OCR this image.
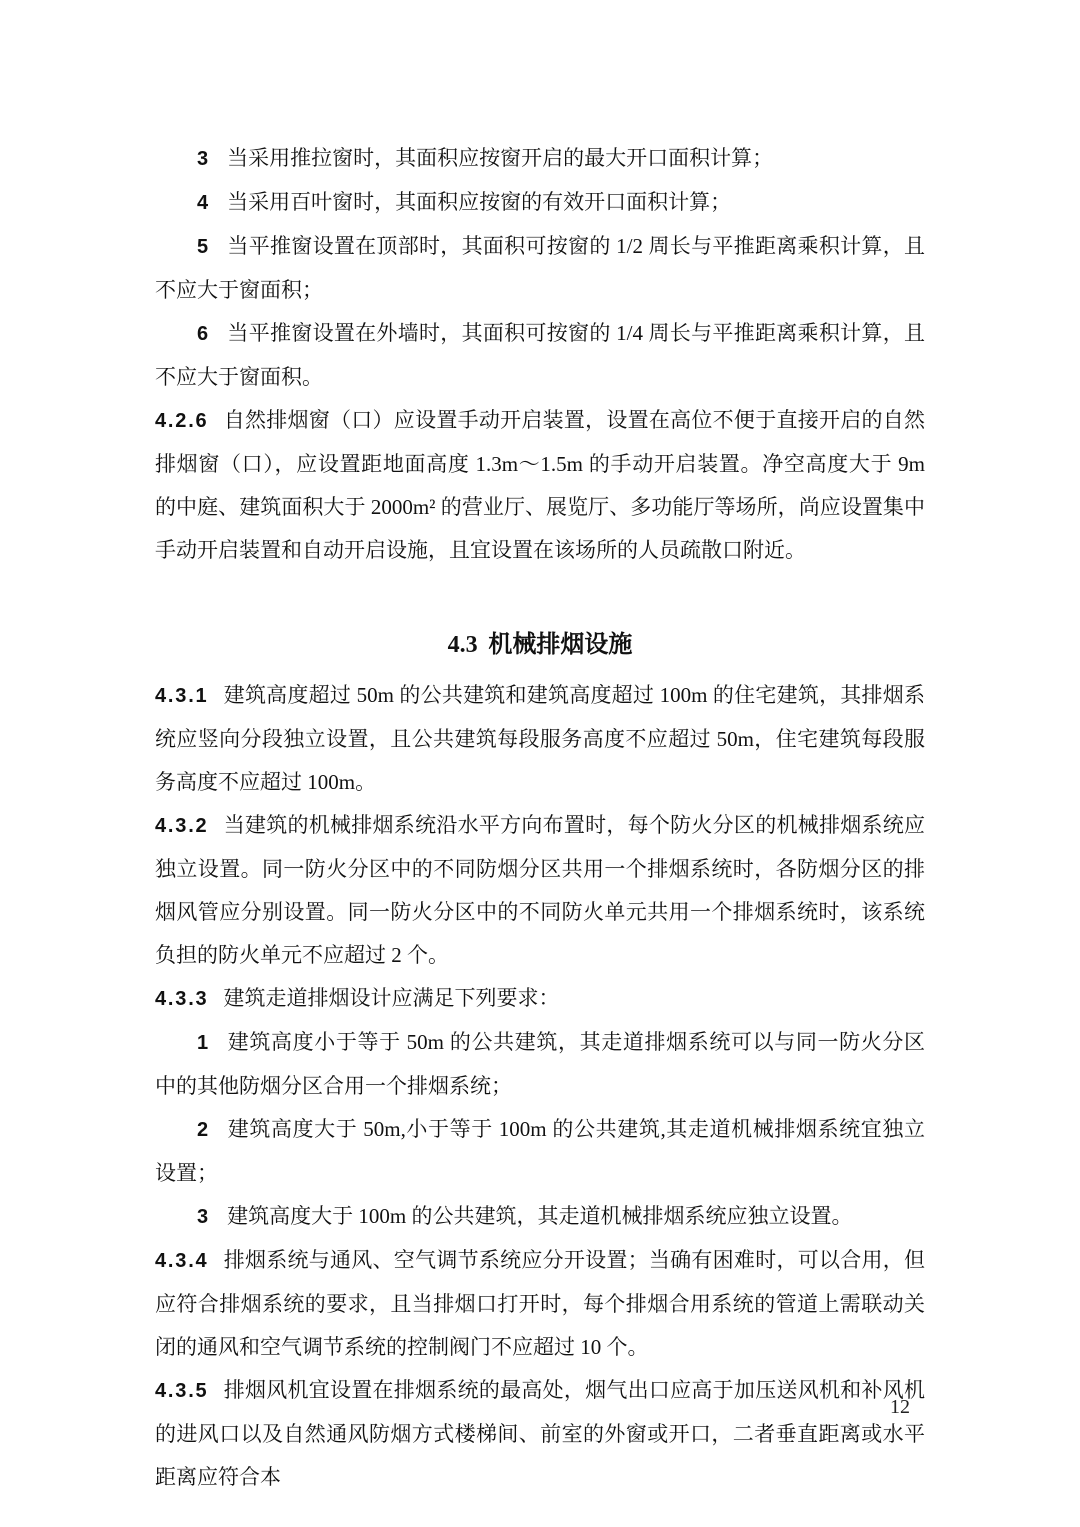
3 当采用推拉窗时，其面积应按窗开启的最大开口面积计算；

4 当采用百叶窗时，其面积应按窗的有效开口面积计算；

5 当平推窗设置在顶部时，其面积可按窗的 1/2 周长与平推距离乘积计算，且不应大于窗面积；

6 当平推窗设置在外墙时，其面积可按窗的 1/4 周长与平推距离乘积计算，且不应大于窗面积。

4.2.6 自然排烟窗（口）应设置手动开启装置，设置在高位不便于直接开启的自然排烟窗（口），应设置距地面高度 1.3m～1.5m 的手动开启装置。净空高度大于 9m 的中庭、建筑面积大于 2000m² 的营业厅、展览厅、多功能厅等场所，尚应设置集中手动开启装置和自动开启设施，且宜设置在该场所的人员疏散口附近。

4.3 机械排烟设施

4.3.1 建筑高度超过 50m 的公共建筑和建筑高度超过 100m 的住宅建筑，其排烟系统应竖向分段独立设置，且公共建筑每段服务高度不应超过 50m，住宅建筑每段服务高度不应超过 100m。

4.3.2 当建筑的机械排烟系统沿水平方向布置时，每个防火分区的机械排烟系统应独立设置。同一防火分区中的不同防烟分区共用一个排烟系统时，各防烟分区的排烟风管应分别设置。同一防火分区中的不同防火单元共用一个排烟系统时，该系统负担的防火单元不应超过 2 个。

4.3.3 建筑走道排烟设计应满足下列要求：

1 建筑高度小于等于 50m 的公共建筑，其走道排烟系统可以与同一防火分区中的其他防烟分区合用一个排烟系统；

2 建筑高度大于 50m,小于等于 100m 的公共建筑,其走道机械排烟系统宜独立设置；

3 建筑高度大于 100m 的公共建筑，其走道机械排烟系统应独立设置。

4.3.4 排烟系统与通风、空气调节系统应分开设置；当确有困难时，可以合用，但应符合排烟系统的要求，且当排烟口打开时，每个排烟合用系统的管道上需联动关闭的通风和空气调节系统的控制阀门不应超过 10 个。

4.3.5 排烟风机宜设置在排烟系统的最高处，烟气出口应高于加压送风机和补风机的进风口以及自然通风防烟方式楼梯间、前室的外窗或开口，二者垂直距离或水平距离应符合本

12
